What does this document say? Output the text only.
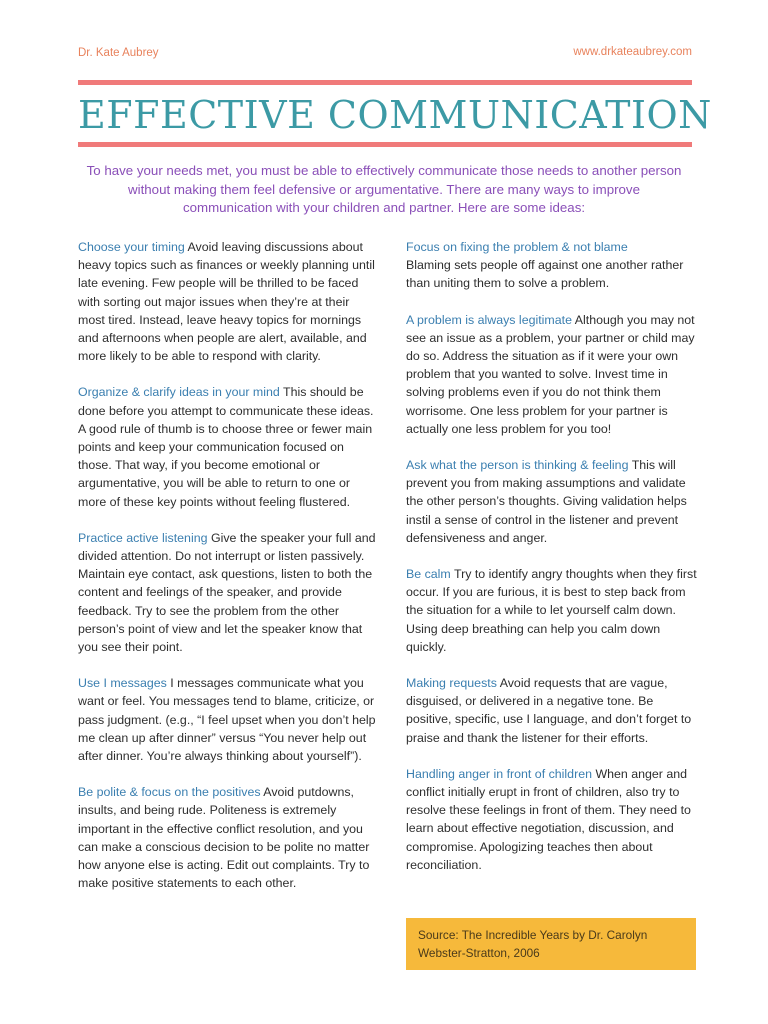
Dr. Kate Aubrey	www.drkateaubrey.com
EFFECTIVE COMMUNICATION
To have your needs met, you must be able to effectively communicate those needs to another person without making them feel defensive or argumentative. There are many ways to improve communication with your children and partner. Here are some ideas:

Choose your timing Avoid leaving discussions about heavy topics such as finances or weekly planning until late evening. Few people will be thrilled to be faced with sorting out major issues when they’re at their most tired. Instead, leave heavy topics for mornings and afternoons when people are alert, available, and more likely to be able to respond with clarity.

Organize & clarify ideas in your mind This should be done before you attempt to communicate these ideas. A good rule of thumb is to choose three or fewer main points and keep your communication focused on those. That way, if you become emotional or argumentative, you will be able to return to one or more of these key points without feeling flustered.

Practice active listening Give the speaker your full and divided attention. Do not interrupt or listen passively. Maintain eye contact, ask questions, listen to both the content and feelings of the speaker, and provide feedback. Try to see the problem from the other person’s point of view and let the speaker know that you see their point.

Use I messages I messages communicate what you want or feel. You messages tend to blame, criticize, or pass judgment. (e.g., “I feel upset when you don’t help me clean up after dinner” versus “You never help out after dinner. You’re always thinking about yourself”).

Be polite & focus on the positives Avoid putdowns, insults, and being rude. Politeness is extremely important in the effective conflict resolution, and you can make a conscious decision to be polite no matter how anyone else is acting. Edit out complaints. Try to make positive statements to each other.

Focus on fixing the problem & not blame
Blaming sets people off against one another rather than uniting them to solve a problem.

A problem is always legitimate Although you may not see an issue as a problem, your partner or child may do so. Address the situation as if it were your own problem that you wanted to solve. Invest time in solving problems even if you do not think them worrisome. One less problem for your partner is actually one less problem for you too!

Ask what the person is thinking & feeling This will prevent you from making assumptions and validate the other person’s thoughts. Giving validation helps instil a sense of control in the listener and prevent defensiveness and anger.

Be calm Try to identify angry thoughts when they first occur. If you are furious, it is best to step back from the situation for a while to let yourself calm down. Using deep breathing can help you calm down quickly.

Making requests Avoid requests that are vague, disguised, or delivered in a negative tone. Be positive, specific, use I language, and don’t forget to praise and thank the listener for their efforts.

Handling anger in front of children When anger and conflict initially erupt in front of children, also try to resolve these feelings in front of them. They need to learn about effective negotiation, discussion, and compromise. Apologizing teaches then about reconciliation.

Source: The Incredible Years by Dr. Carolyn Webster-Stratton, 2006
